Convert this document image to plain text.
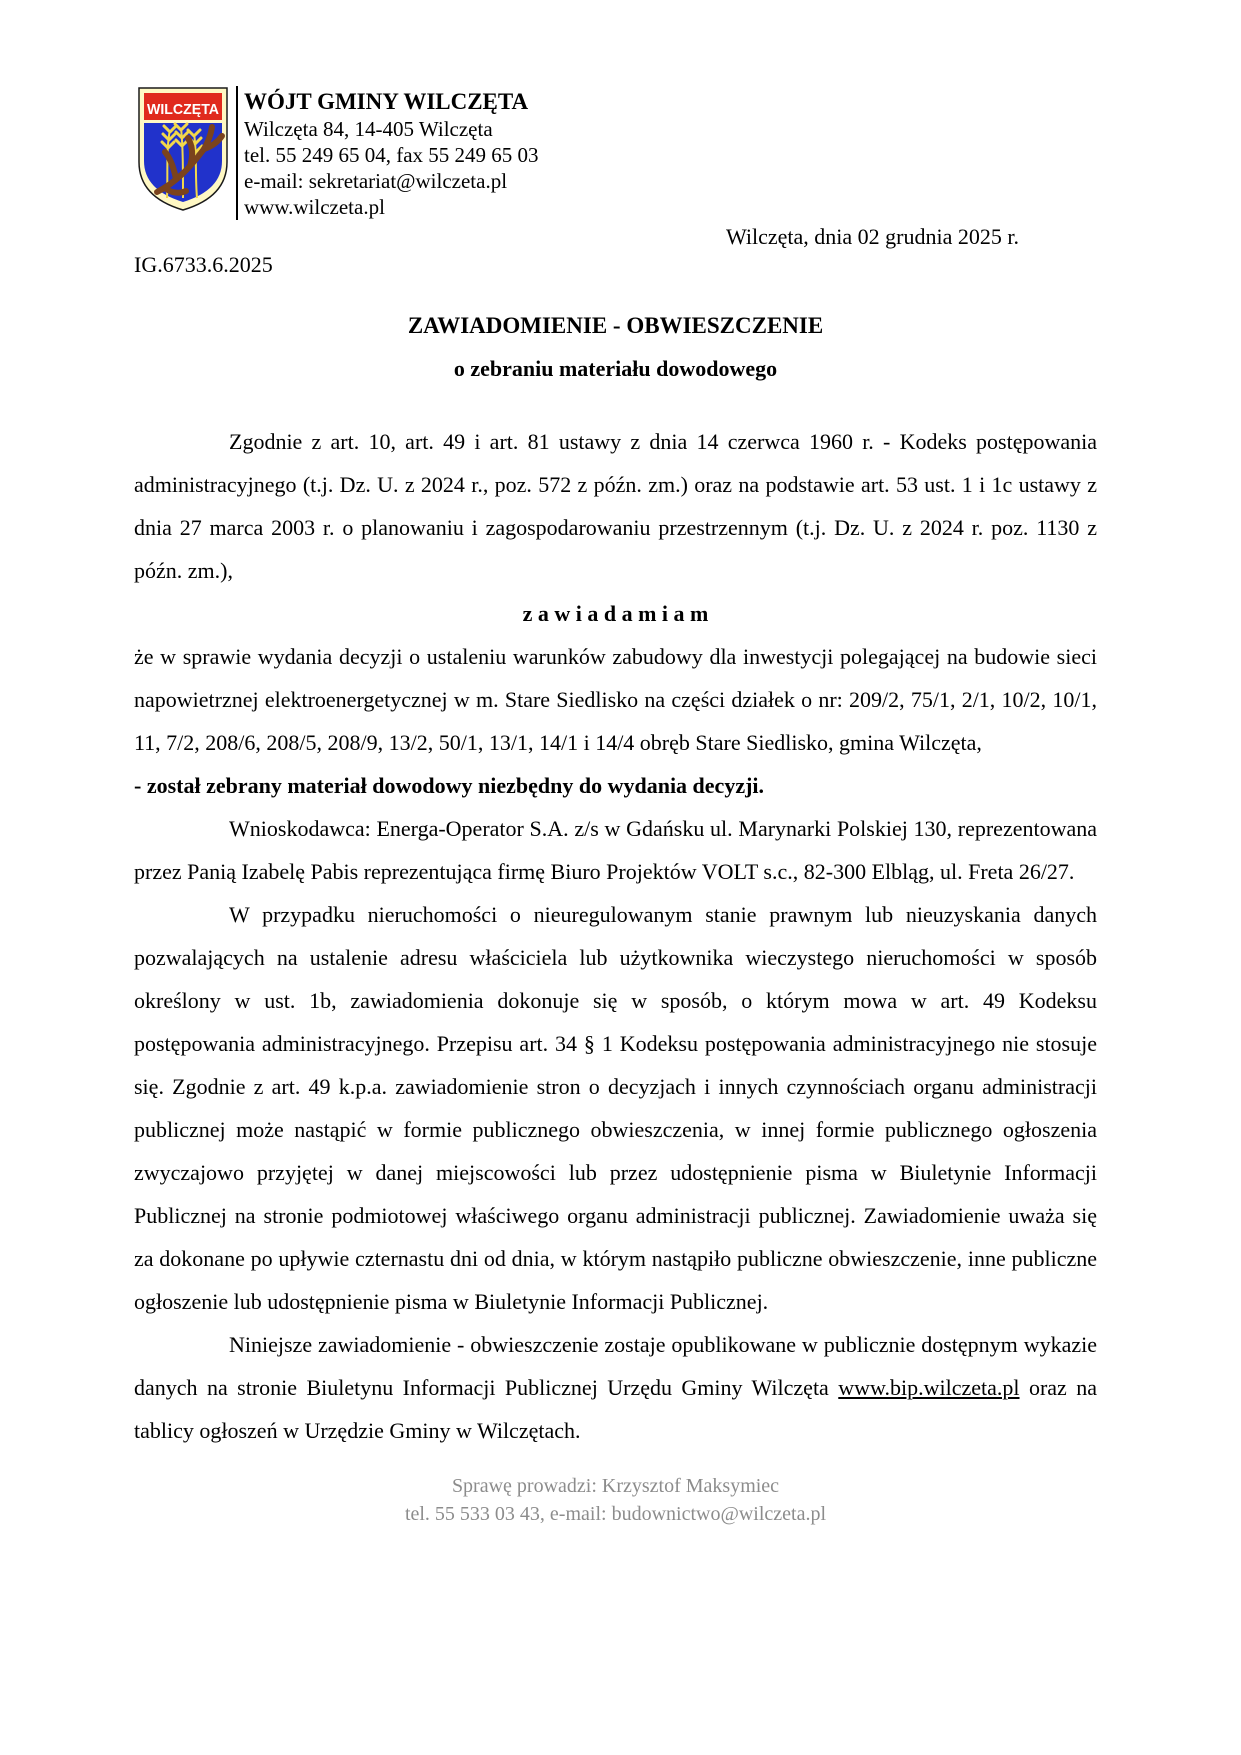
WILCZĘTA WÓJT GMINY WILCZĘTA
Wilczęta 84, 14-405 Wilczęta
tel. 55 249 65 04, fax 55 249 65 03
e-mail: sekretariat@wilczeta.pl
www.wilczeta.pl
Wilczęta, dnia 02 grudnia 2025 r.
IG.6733.6.2025
ZAWIADOMIENIE - OBWIESZCZENIE
o zebraniu materiału dowodowego

Zgodnie z art. 10, art. 49 i art. 81 ustawy z dnia 14 czerwca 1960 r. - Kodeks postępowania administracyjnego (t.j. Dz. U. z 2024 r., poz. 572 z późn. zm.) oraz na podstawie art. 53 ust. 1 i 1c ustawy z dnia 27 marca 2003 r. o planowaniu i zagospodarowaniu przestrzennym (t.j. Dz. U. z 2024 r. poz. 1130 z późn. zm.),

z a w i a d a m i a m

że w sprawie wydania decyzji o ustaleniu warunków zabudowy dla inwestycji polegającej na budowie sieci napowietrznej elektroenergetycznej w m. Stare Siedlisko na części działek o nr: 209/2, 75/1, 2/1, 10/2, 10/1, 11, 7/2, 208/6, 208/5, 208/9, 13/2, 50/1, 13/1, 14/1 i 14/4 obręb Stare Siedlisko, gmina Wilczęta,

- został zebrany materiał dowodowy niezbędny do wydania decyzji.

Wnioskodawca: Energa-Operator S.A. z/s w Gdańsku ul. Marynarki Polskiej 130, reprezentowana przez Panią Izabelę Pabis reprezentująca firmę Biuro Projektów VOLT s.c., 82-300 Elbląg, ul. Freta 26/27.

W przypadku nieruchomości o nieuregulowanym stanie prawnym lub nieuzyskania danych pozwalających na ustalenie adresu właściciela lub użytkownika wieczystego nieruchomości w sposób określony w ust. 1b, zawiadomienia dokonuje się w sposób, o którym mowa w art. 49 Kodeksu postępowania administracyjnego. Przepisu art. 34 § 1 Kodeksu postępowania administracyjnego nie stosuje się. Zgodnie z art. 49 k.p.a. zawiadomienie stron o decyzjach i innych czynnościach organu administracji publicznej może nastąpić w formie publicznego obwieszczenia, w innej formie publicznego ogłoszenia zwyczajowo przyjętej w danej miejscowości lub przez udostępnienie pisma w Biuletynie Informacji Publicznej na stronie podmiotowej właściwego organu administracji publicznej. Zawiadomienie uważa się za dokonane po upływie czternastu dni od dnia, w którym nastąpiło publiczne obwieszczenie, inne publiczne ogłoszenie lub udostępnienie pisma w Biuletynie Informacji Publicznej.

Niniejsze zawiadomienie - obwieszczenie zostaje opublikowane w publicznie dostępnym wykazie danych na stronie Biuletynu Informacji Publicznej Urzędu Gminy Wilczęta www.bip.wilczeta.pl oraz na tablicy ogłoszeń w Urzędzie Gminy w Wilczętach.

Sprawę prowadzi: Krzysztof Maksymiec
tel. 55 533 03 43, e-mail: budownictwo@wilczeta.pl
